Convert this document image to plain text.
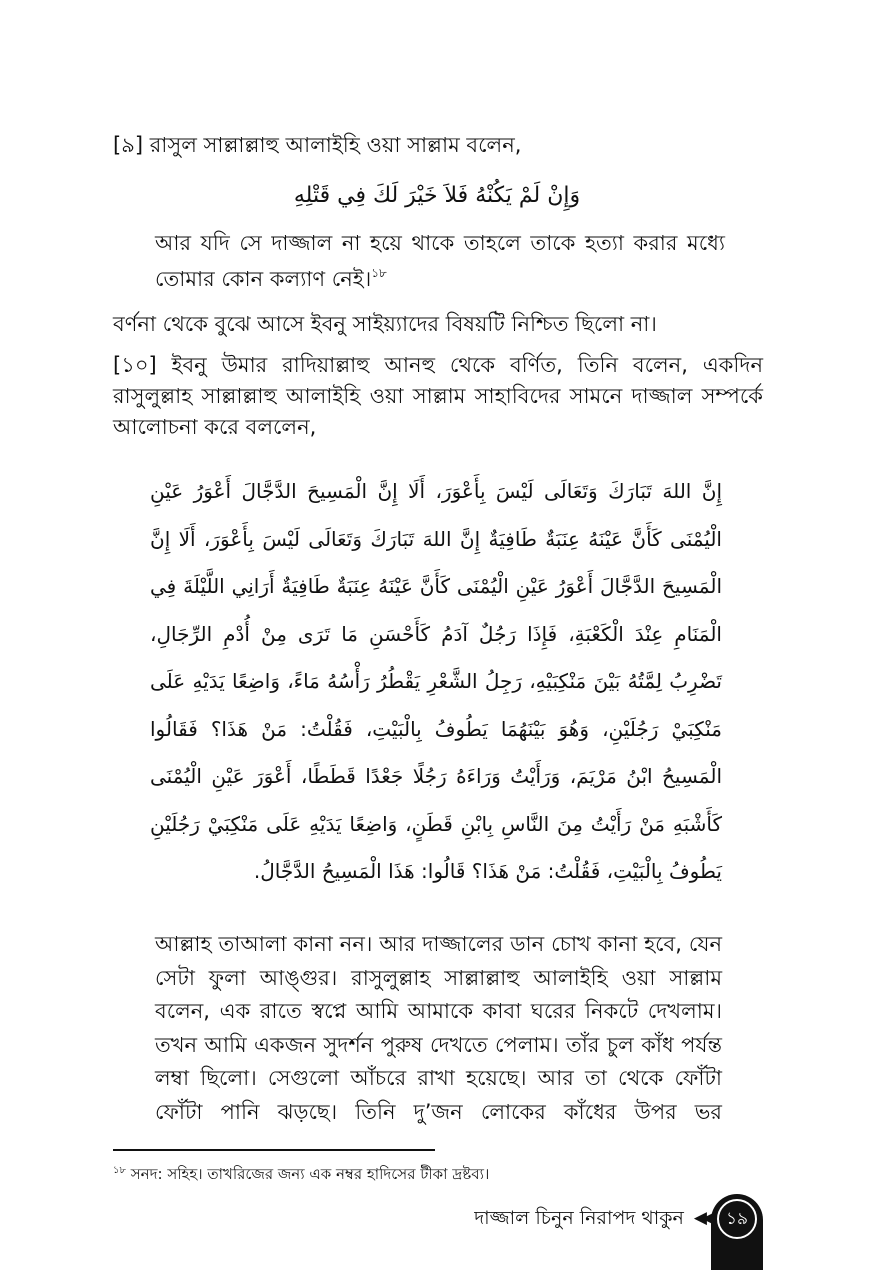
[৯] রাসুল সাল্লাল্লাহু আলাইহি ওয়া সাল্লাম বলেন,

وَإِنْ لَمْ يَكُنْهُ فَلاَ خَيْرَ لَكَ فِي قَتْلِهِ

আর যদি সে দাজ্জাল না হয়ে থাকে তাহলে তাকে হত্যা করার মধ্যে তোমার কোন কল্যাণ নেই।$^{১৮}$

বর্ণনা থেকে বুঝে আসে ইবনু সাইয়্যাদের বিষয়টি নিশ্চিত ছিলো না।

[১০] ইবনু উমার রাদিয়াল্লাহু আনহু থেকে বর্ণিত, তিনি বলেন, একদিন রাসুলুল্লাহ সাল্লাল্লাহু আলাইহি ওয়া সাল্লাম সাহাবিদের সামনে দাজ্জাল সম্পর্কে আলোচনা করে বললেন,

إِنَّ اللهَ تَبَارَكَ وَتَعَالَى لَيْسَ بِأَعْوَرَ، أَلَا إِنَّ الْمَسِيحَ الدَّجَّالَ أَعْوَرُ عَيْنِ الْيُمْنَى كَأَنَّ عَيْنَهُ عِنَبَةٌ طَافِيَةٌ إِنَّ اللهَ تَبَارَكَ وَتَعَالَى لَيْسَ بِأَعْوَرَ، أَلَا إِنَّ الْمَسِيحَ الدَّجَّالَ أَعْوَرُ عَيْنِ الْيُمْنَى كَأَنَّ عَيْنَهُ عِنَبَةٌ طَافِيَةٌ أَرَانِي اللَّيْلَةَ فِي الْمَنَامِ عِنْدَ الْكَعْبَةِ، فَإِذَا رَجُلٌ آدَمُ كَأَحْسَنِ مَا تَرَى مِنْ أُدْمِ الرِّجَالِ، تَضْرِبُ لِمَّتُهُ بَيْنَ مَنْكِبَيْهِ، رَجِلُ الشَّعْرِ يَقْطُرُ رَأْسُهُ مَاءً، وَاضِعًا يَدَيْهِ عَلَى مَنْكِبَيْ رَجُلَيْنِ، وَهُوَ بَيْنَهُمَا يَطُوفُ بِالْبَيْتِ، فَقُلْتُ: مَنْ هَذَا؟ فَقَالُوا الْمَسِيحُ ابْنُ مَرْيَمَ، وَرَأَيْتُ وَرَاءَهُ رَجُلًا جَعْدًا قَطَطًا، أَعْوَرَ عَيْنِ الْيُمْنَى كَأَشْبَهِ مَنْ رَأَيْتُ مِنَ النَّاسِ بِابْنِ قَطَنٍ، وَاضِعًا يَدَيْهِ عَلَى مَنْكِبَيْ رَجُلَيْنِ يَطُوفُ بِالْبَيْتِ، فَقُلْتُ: مَنْ هَذَا؟ قَالُوا: هَذَا الْمَسِيحُ الدَّجَّالُ.

আল্লাহ তাআলা কানা নন। আর দাজ্জালের ডান চোখ কানা হবে, যেন সেটা ফুলা আঙ্গুর। রাসুলুল্লাহ সাল্লাল্লাহু আলাইহি ওয়া সাল্লাম বলেন, এক রাতে স্বপ্নে আমি আমাকে কাবা ঘরের নিকটে দেখলাম। তখন আমি একজন সুদর্শন পুরুষ দেখতে পেলাম। তাঁর চুল কাঁধ পর্যন্ত লম্বা ছিলো। সেগুলো আঁচরে রাখা হয়েছে। আর তা থেকে ফোঁটা ফোঁটা পানি ঝড়ছে। তিনি দু’জন লোকের কাঁধের উপর ভর

$^{১৮}$ সনদ: সহিহ। তাখরিজের জন্য এক নম্বর হাদিসের টীকা দ্রষ্টব্য।

দাজ্জাল চিনুন নিরাপদ থাকুন ◀◀ ১৯
